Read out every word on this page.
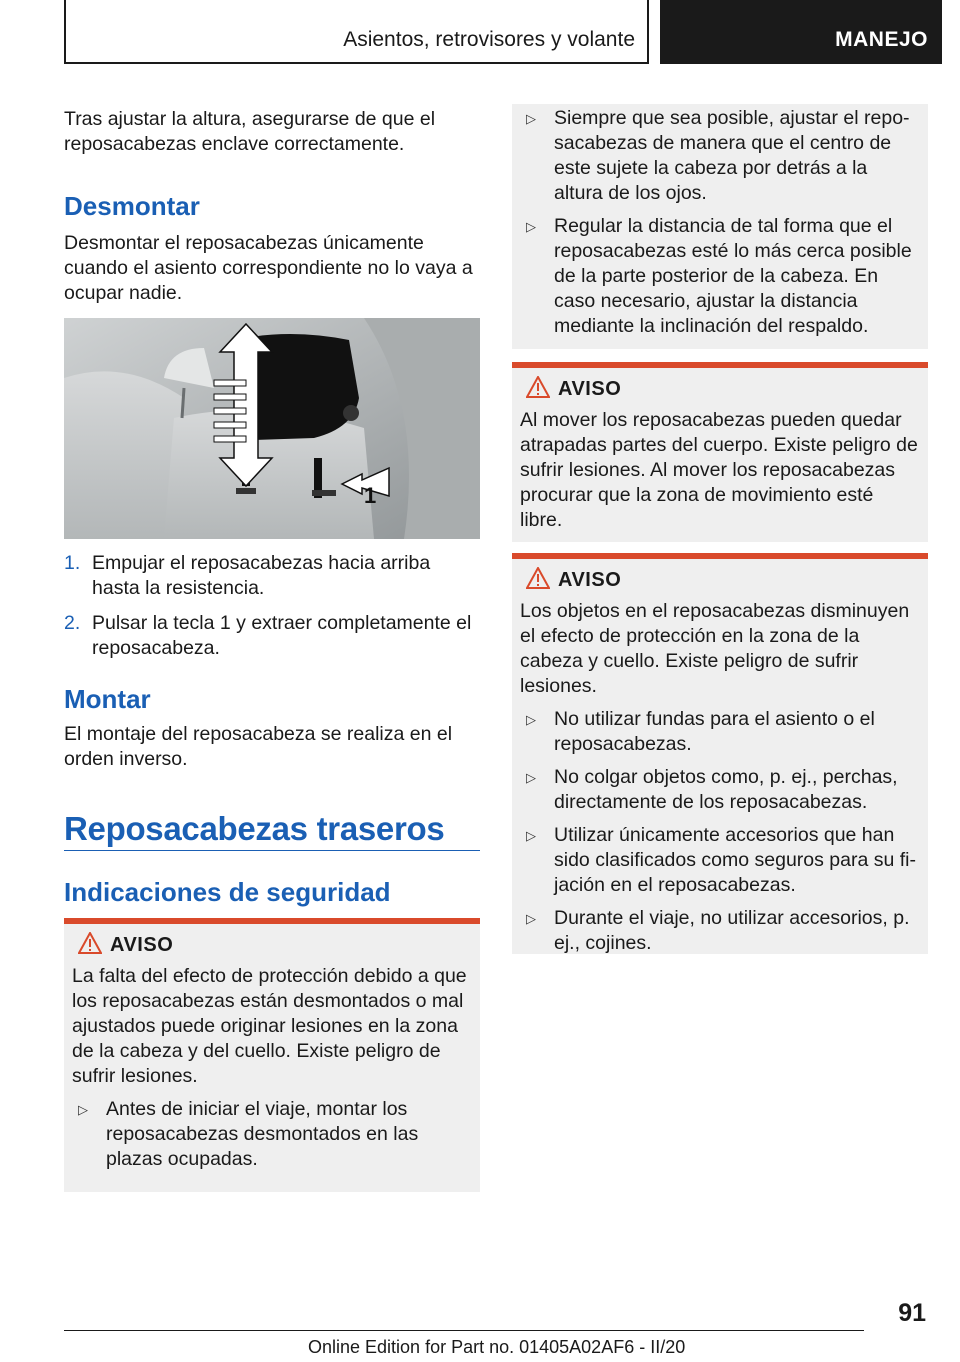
Asientos, retrovisores y volante	MANEJO
Tras ajustar la altura, asegurarse de que el reposacabezas enclave correctamente.
Desmontar
Desmontar el reposacabezas únicamente cuando el asiento correspondiente no lo vaya a ocupar nadie.
1
1. Empujar el reposacabezas hacia arriba hasta la resistencia.
2. Pulsar la tecla 1 y extraer completamente el reposacabeza.
Montar
El montaje del reposacabeza se realiza en el orden inverso.
Reposacabezas traseros
Indicaciones de seguridad
AVISO
La falta del efecto de protección debido a que los reposacabezas están desmontados o mal ajustados puede originar lesiones en la zona de la cabeza y del cuello. Existe peligro de sufrir lesiones.
▷ Antes de iniciar el viaje, montar los reposacabezas desmontados en las plazas ocupadas.
▷ Siempre que sea posible, ajustar el reposacabezas de manera que el centro de este sujete la cabeza por detrás a la altura de los ojos.
▷ Regular la distancia de tal forma que el reposacabezas esté lo más cerca posible de la parte posterior de la cabeza. En caso necesario, ajustar la distancia mediante la inclinación del respaldo.
AVISO
Al mover los reposacabezas pueden quedar atrapadas partes del cuerpo. Existe peligro de sufrir lesiones. Al mover los reposacabezas procurar que la zona de movimiento esté libre.
AVISO
Los objetos en el reposacabezas disminuyen el efecto de protección en la zona de la cabeza y cuello. Existe peligro de sufrir lesiones.
▷ No utilizar fundas para el asiento o el reposacabezas.
▷ No colgar objetos como, p. ej., perchas, directamente de los reposacabezas.
▷ Utilizar únicamente accesorios que han sido clasificados como seguros para su fijación en el reposacabezas.
▷ Durante el viaje, no utilizar accesorios, p. ej., cojines.
91
Online Edition for Part no. 01405A02AF6 - II/20
